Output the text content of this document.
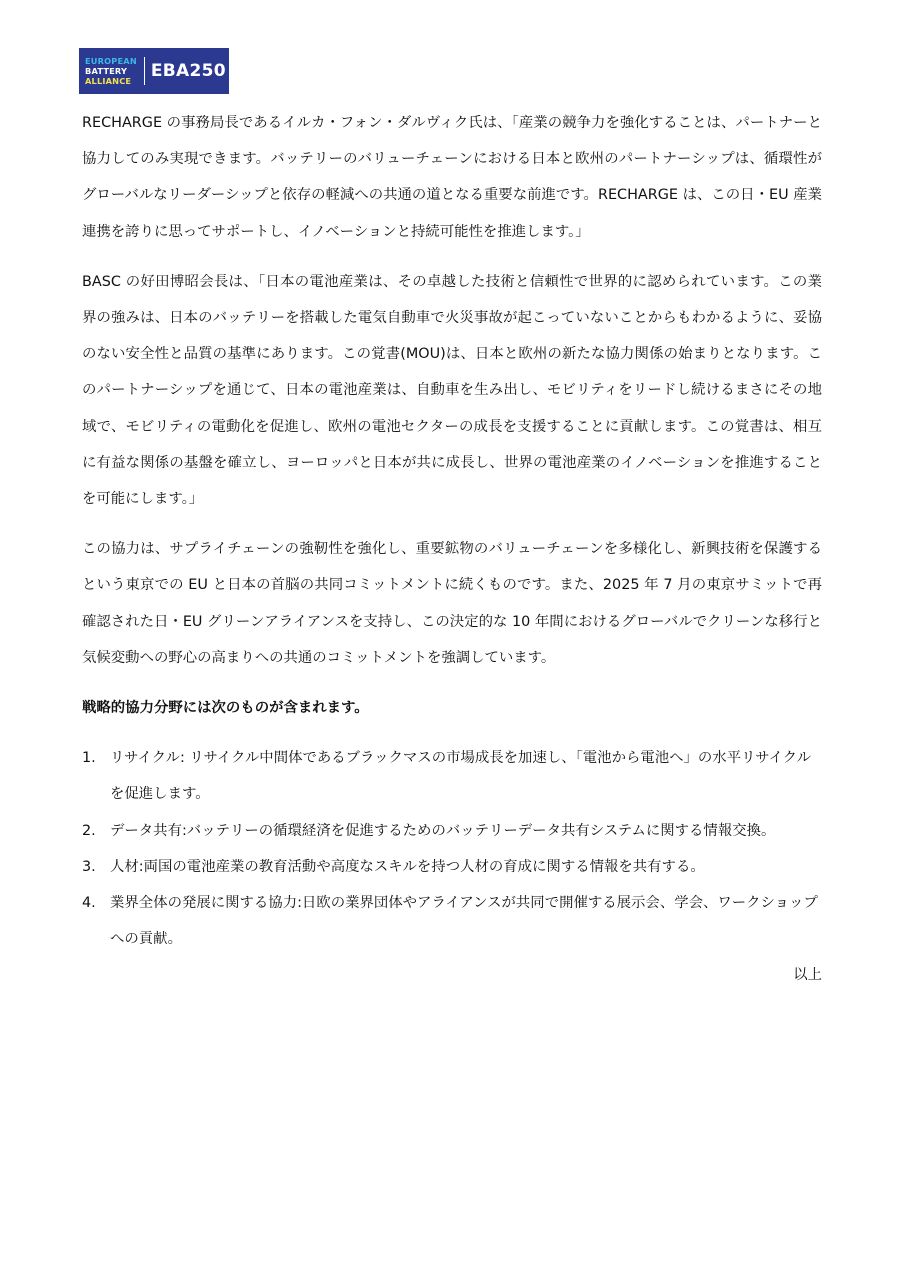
EUROPEAN
BATTERY
ALLIANCE	EBA250

RECHARGE の事務局長であるイルカ・フォン・ダルヴィク氏は、「産業の競争力を強化することは、パートナーと協力してのみ実現できます。バッテリーのバリューチェーンにおける日本と欧州のパートナーシップは、循環性がグローバルなリーダーシップと依存の軽減への共通の道となる重要な前進です。RECHARGE は、この日・EU 産業連携を誇りに思ってサポートし、イノベーションと持続可能性を推進します。」

BASC の好田博昭会長は、「日本の電池産業は、その卓越した技術と信頼性で世界的に認められています。この業界の強みは、日本のバッテリーを搭載した電気自動車で火災事故が起こっていないことからもわかるように、妥協のない安全性と品質の基準にあります。この覚書(MOU)は、日本と欧州の新たな協力関係の始まりとなります。このパートナーシップを通じて、日本の電池産業は、自動車を生み出し、モビリティをリードし続けるまさにその地域で、モビリティの電動化を促進し、欧州の電池セクターの成長を支援することに貢献します。この覚書は、相互に有益な関係の基盤を確立し、ヨーロッパと日本が共に成長し、世界の電池産業のイノベーションを推進することを可能にします。」

この協力は、サプライチェーンの強靭性を強化し、重要鉱物のバリューチェーンを多様化し、新興技術を保護するという東京での EU と日本の首脳の共同コミットメントに続くものです。また、2025 年 7 月の東京サミットで再確認された日・EU グリーンアライアンスを支持し、この決定的な 10 年間におけるグローバルでクリーンな移行と気候変動への野心の高まりへの共通のコミットメントを強調しています。

戦略的協力分野には次のものが含まれます。
1. リサイクル: リサイクル中間体であるブラックマスの市場成長を加速し、「電池から電池へ」の水平リサイクルを促進します。
2. データ共有:バッテリーの循環経済を促進するためのバッテリーデータ共有システムに関する情報交換。
3. 人材:両国の電池産業の教育活動や高度なスキルを持つ人材の育成に関する情報を共有する。
4. 業界全体の発展に関する協力:日欧の業界団体やアライアンスが共同で開催する展示会、学会、ワークショップへの貢献。
以上
